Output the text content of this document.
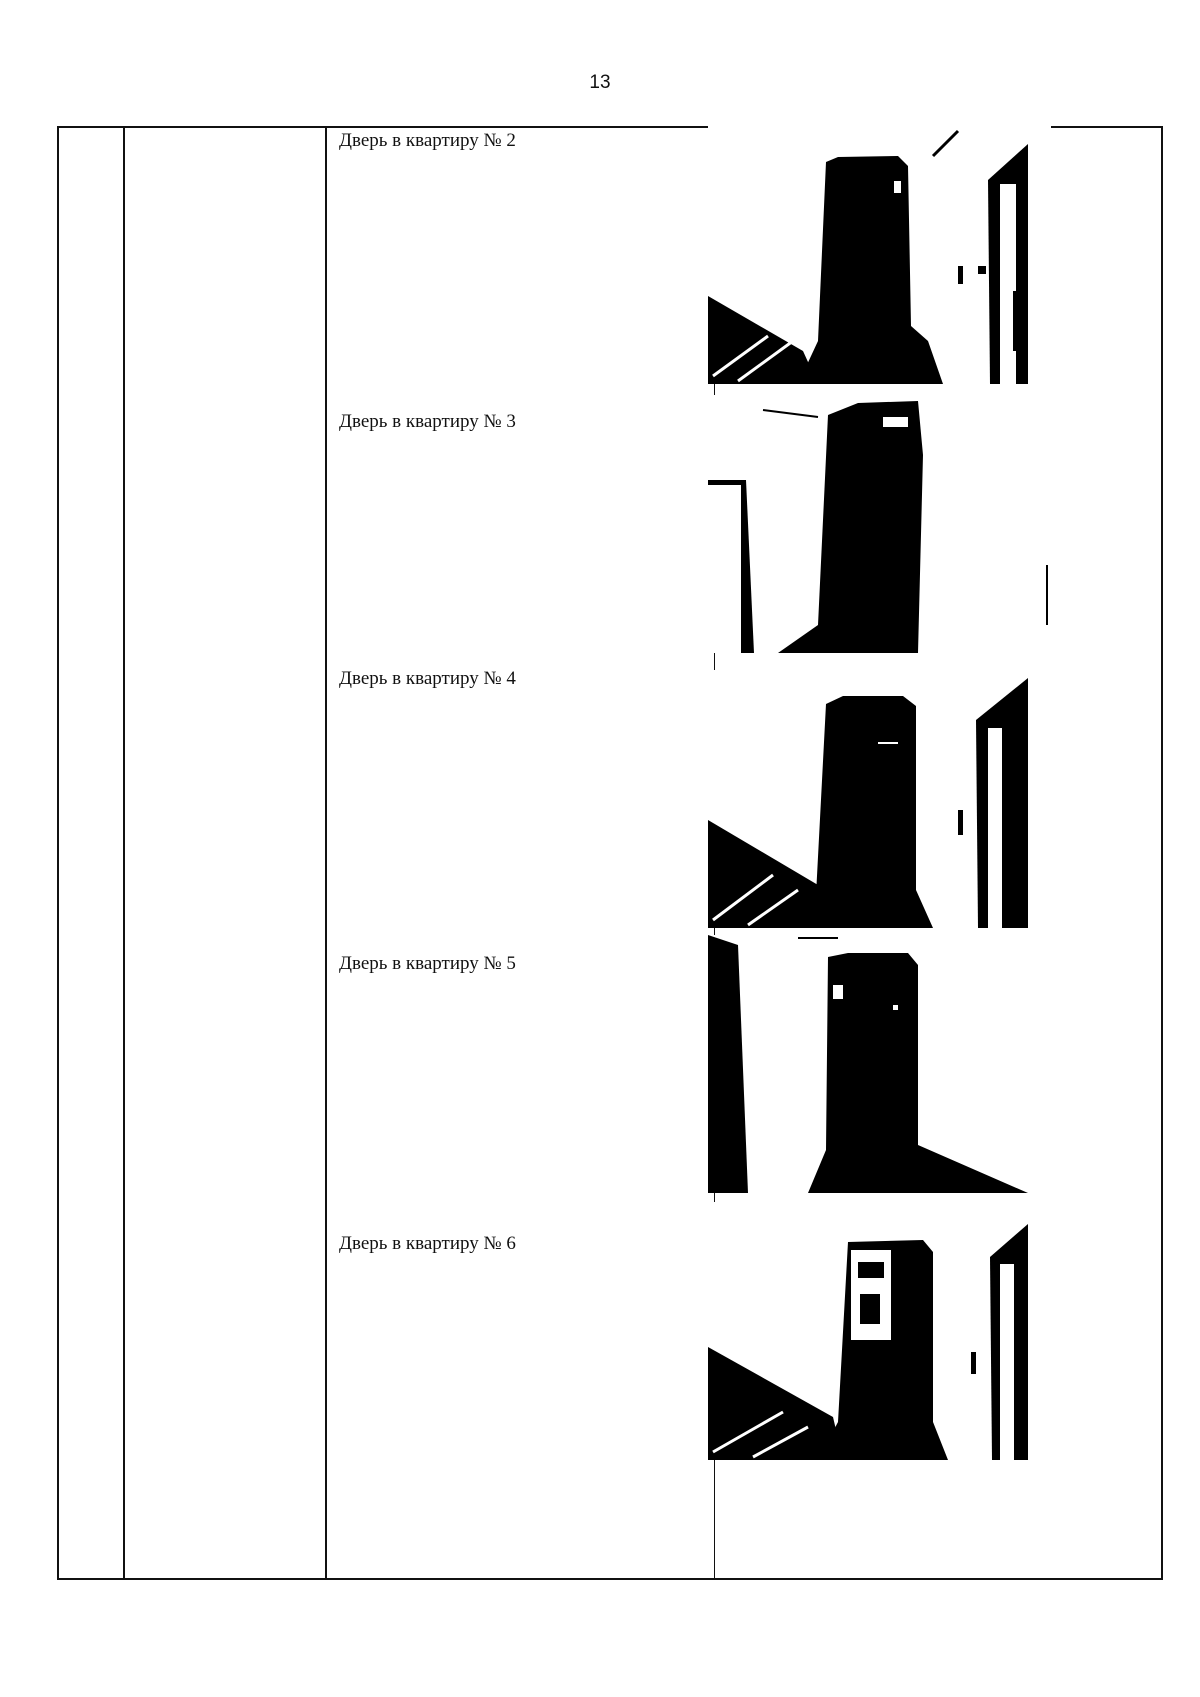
13
Дверь в квартиру № 2
Дверь в квартиру № 3
Дверь в квартиру № 4
Дверь в квартиру № 5
Дверь в квартиру № 6
